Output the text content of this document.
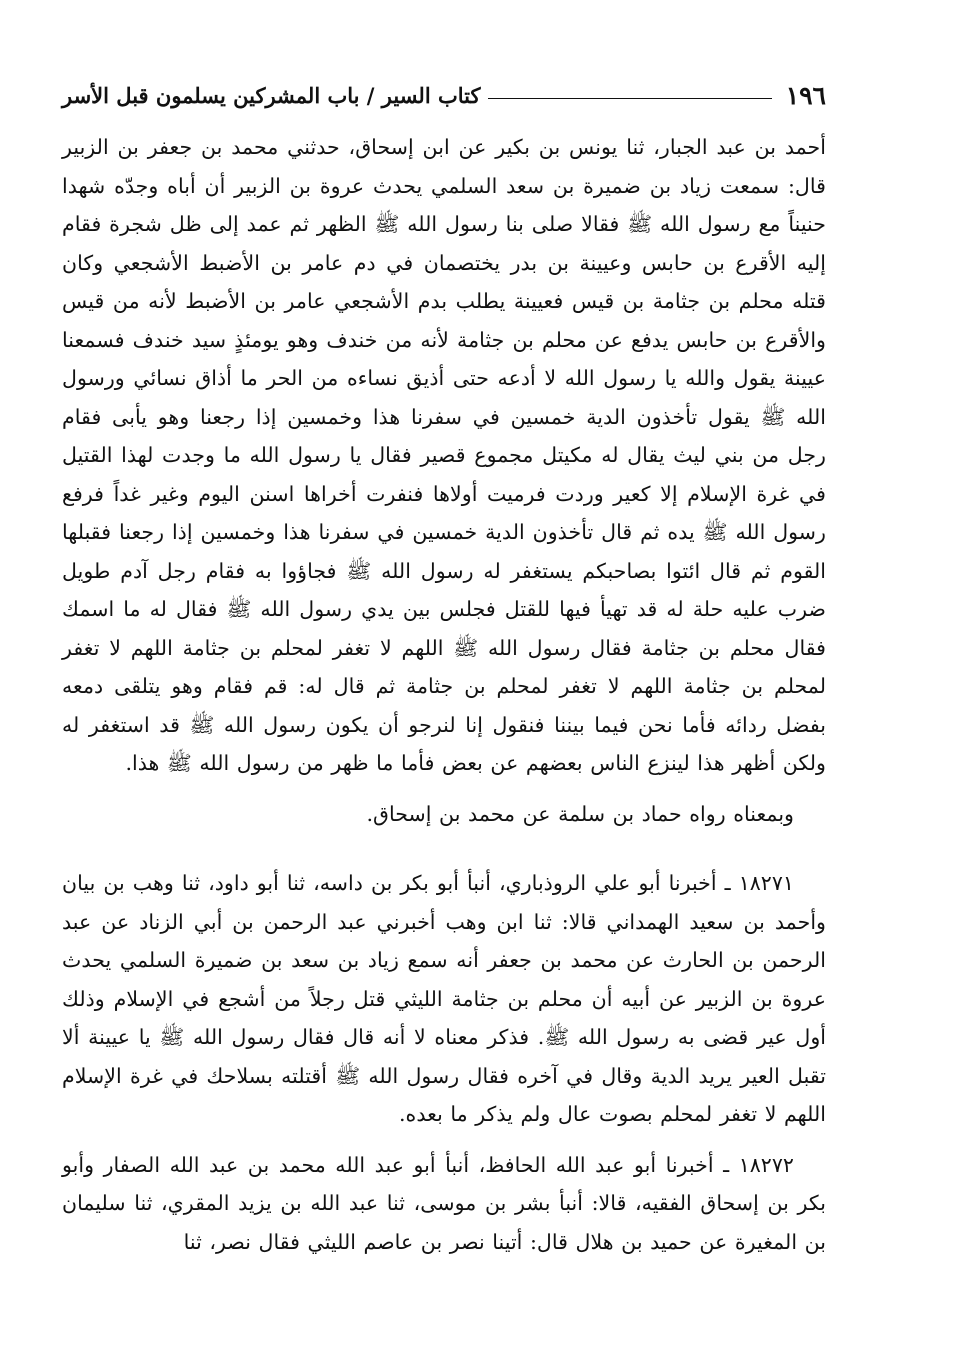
١٩٦
كتاب السير / باب المشركين يسلمون قبل الأسر

أحمد بن عبد الجبار، ثنا يونس بن بكير عن ابن إسحاق، حدثني محمد بن جعفر بن الزبير قال: سمعت زياد بن ضميرة بن سعد السلمي يحدث عروة بن الزبير أن أباه وجدّه شهدا حنيناً مع رسول الله ﷺ فقالا صلى بنا رسول الله ﷺ الظهر ثم عمد إلى ظل شجرة فقام إليه الأقرع بن حابس وعيينة بن بدر يختصمان في دم عامر بن الأضبط الأشجعي وكان قتله محلم بن جثامة بن قيس فعيينة يطلب بدم الأشجعي عامر بن الأضبط لأنه من قيس والأقرع بن حابس يدفع عن محلم بن جثامة لأنه من خندف وهو يومئذٍ سيد خندف فسمعنا عيينة يقول والله يا رسول الله لا أدعه حتى أذيق نساءه من الحر ما أذاق نسائي ورسول الله ﷺ يقول تأخذون الدية خمسين في سفرنا هذا وخمسين إذا رجعنا وهو يأبى فقام رجل من بني ليث يقال له مكيتل مجموع قصير فقال يا رسول الله ما وجدت لهذا القتيل في غرة الإسلام إلا كعير وردت فرميت أولاها فنفرت أخراها اسنن اليوم وغير غداً فرفع رسول الله ﷺ يده ثم قال تأخذون الدية خمسين في سفرنا هذا وخمسين إذا رجعنا فقبلها القوم ثم قال ائتوا بصاحبكم يستغفر له رسول الله ﷺ فجاؤوا به فقام رجل آدم طويل ضرب عليه حلة له قد تهيأ فيها للقتل فجلس بين يدي رسول الله ﷺ فقال له ما اسمك فقال محلم بن جثامة فقال رسول الله ﷺ اللهم لا تغفر لمحلم بن جثامة اللهم لا تغفر لمحلم بن جثامة اللهم لا تغفر لمحلم بن جثامة ثم قال له: قم فقام وهو يتلقى دمعه بفضل ردائه فأما نحن فيما بيننا فنقول إنا لنرجو أن يكون رسول الله ﷺ قد استغفر له ولكن أظهر هذا لينزع الناس بعضهم عن بعض فأما ما ظهر من رسول الله ﷺ هذا.

وبمعناه رواه حماد بن سلمة عن محمد بن إسحاق.

١٨٢٧١ ـ أخبرنا أبو علي الروذباري، أنبأ أبو بكر بن داسه، ثنا أبو داود، ثنا وهب بن بيان وأحمد بن سعيد الهمداني قالا: ثنا ابن وهب أخبرني عبد الرحمن بن أبي الزناد عن عبد الرحمن بن الحارث عن محمد بن جعفر أنه سمع زياد بن سعد بن ضميرة السلمي يحدث عروة بن الزبير عن أبيه أن محلم بن جثامة الليثي قتل رجلاً من أشجع في الإسلام وذلك أول عير قضى به رسول الله ﷺ. فذكر معناه لا أنه قال فقال رسول الله ﷺ يا عيينة ألا تقبل العير يريد الدية وقال في آخره فقال رسول الله ﷺ أقتلته بسلاحك في غرة الإسلام اللهم لا تغفر لمحلم بصوت عال ولم يذكر ما بعده.

١٨٢٧٢ ـ أخبرنا أبو عبد الله الحافظ، أنبأ أبو عبد الله محمد بن عبد الله الصفار وأبو بكر بن إسحاق الفقيه، قالا: أنبأ بشر بن موسى، ثنا عبد الله بن يزيد المقري، ثنا سليمان بن المغيرة عن حميد بن هلال قال: أتينا نصر بن عاصم الليثي فقال نصر، ثنا
